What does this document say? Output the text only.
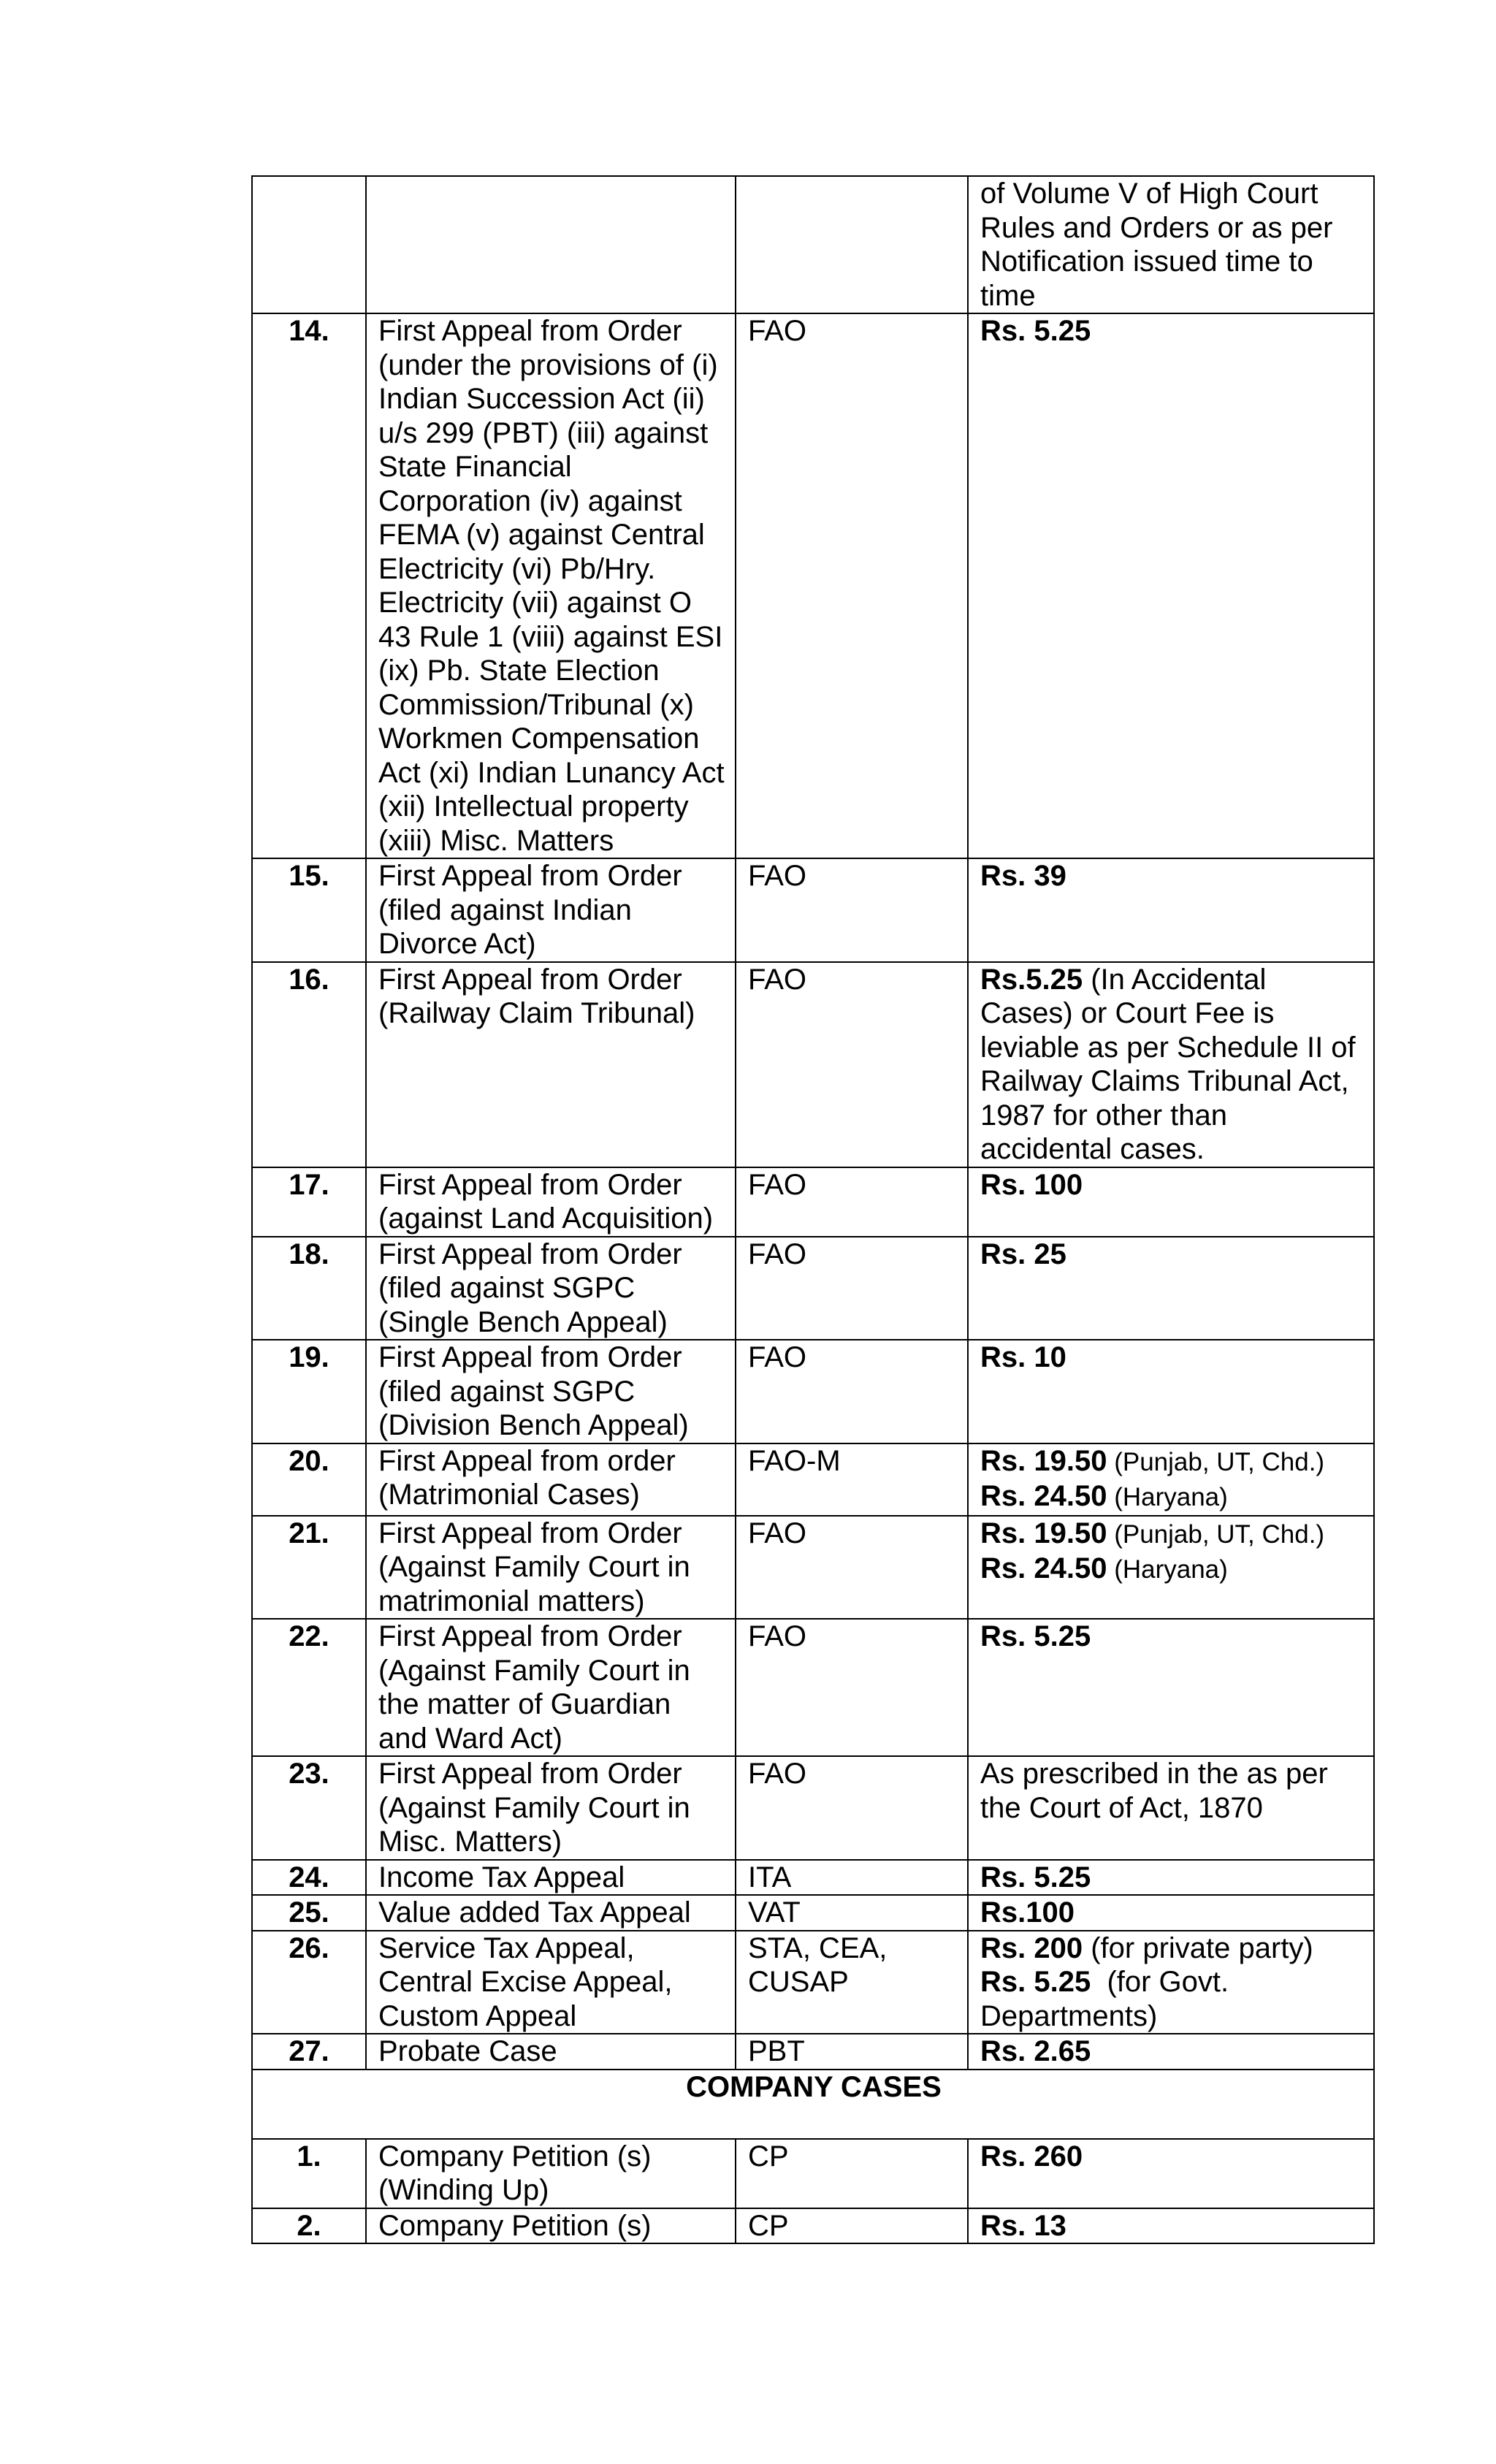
			of Volume V of High Court Rules and Orders or as per Notification issued time to time

14.	First Appeal from Order (under the provisions of (i) Indian Succession Act (ii) u/s 299 (PBT) (iii) against State Financial Corporation (iv) against FEMA (v) against Central Electricity (vi) Pb/Hry. Electricity (vii) against O 43 Rule 1 (viii) against ESI (ix) Pb. State Election Commission/Tribunal (x) Workmen Compensation Act (xi) Indian Lunancy Act (xii) Intellectual property (xiii) Misc. Matters	FAO	Rs. 5.25

15.	First Appeal from Order (filed against Indian Divorce Act)	FAO	Rs. 39

16.	First Appeal from Order (Railway Claim Tribunal)	FAO	Rs.5.25 (In Accidental Cases) or Court Fee is leviable as per Schedule II of Railway Claims Tribunal Act, 1987 for other than accidental cases.

17.	First Appeal from Order (against Land Acquisition)	FAO	Rs. 100

18.	First Appeal from Order (filed against SGPC (Single Bench Appeal)	FAO	Rs. 25

19.	First Appeal from Order (filed against SGPC (Division Bench Appeal)	FAO	Rs. 10

20.	First Appeal from order (Matrimonial Cases)	FAO-M	Rs. 19.50 (Punjab, UT, Chd.)
Rs. 24.50 (Haryana)

21.	First Appeal from Order (Against Family Court in matrimonial matters)	FAO	Rs. 19.50 (Punjab, UT, Chd.)
Rs. 24.50 (Haryana)

22.	First Appeal from Order (Against Family Court in the matter of Guardian and Ward Act)	FAO	Rs. 5.25

23.	First Appeal from Order (Against Family Court in Misc. Matters)	FAO	As prescribed in the as per the Court of Act, 1870

24.	Income Tax Appeal	ITA	Rs. 5.25

25.	Value added Tax Appeal	VAT	Rs.100

26.	Service Tax Appeal, Central Excise Appeal, Custom Appeal	STA, CEA, CUSAP	Rs. 200 (for private party)
Rs. 5.25  (for Govt. Departments)

27.	Probate Case	PBT	Rs. 2.65

COMPANY CASES			
1.	Company Petition (s) (Winding Up)	CP	Rs. 260

2.	Company Petition (s)	CP	Rs. 13
